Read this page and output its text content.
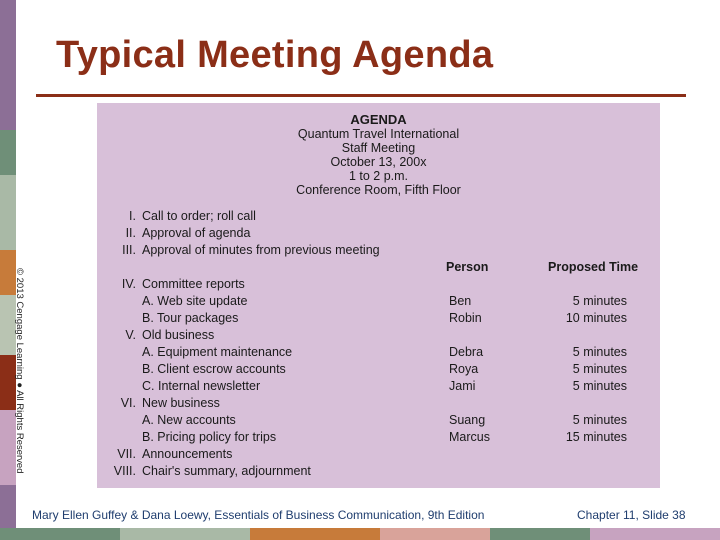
Typical Meeting Agenda
© 2013 Cengage Learning ● All Rights Reserved
AGENDA
Quantum Travel International
Staff Meeting
October 13, 200x
1 to 2 p.m.
Conference Room, Fifth Floor
Person	Proposed Time
I. Call to order; roll call
II. Approval of agenda
III. Approval of minutes from previous meeting
IV. Committee reports
A. Web site update	Ben	5 minutes
B. Tour packages	Robin	10 minutes
V. Old business
A. Equipment maintenance	Debra	5 minutes
B. Client escrow accounts	Roya	5 minutes
C. Internal newsletter	Jami	5 minutes
VI. New business
A. New accounts	Suang	5 minutes
B. Pricing policy for trips	Marcus	15 minutes
VII. Announcements
VIII. Chair's summary, adjournment
Mary Ellen Guffey & Dana Loewy, Essentials of Business Communication, 9th Edition	Chapter 11, Slide 38
